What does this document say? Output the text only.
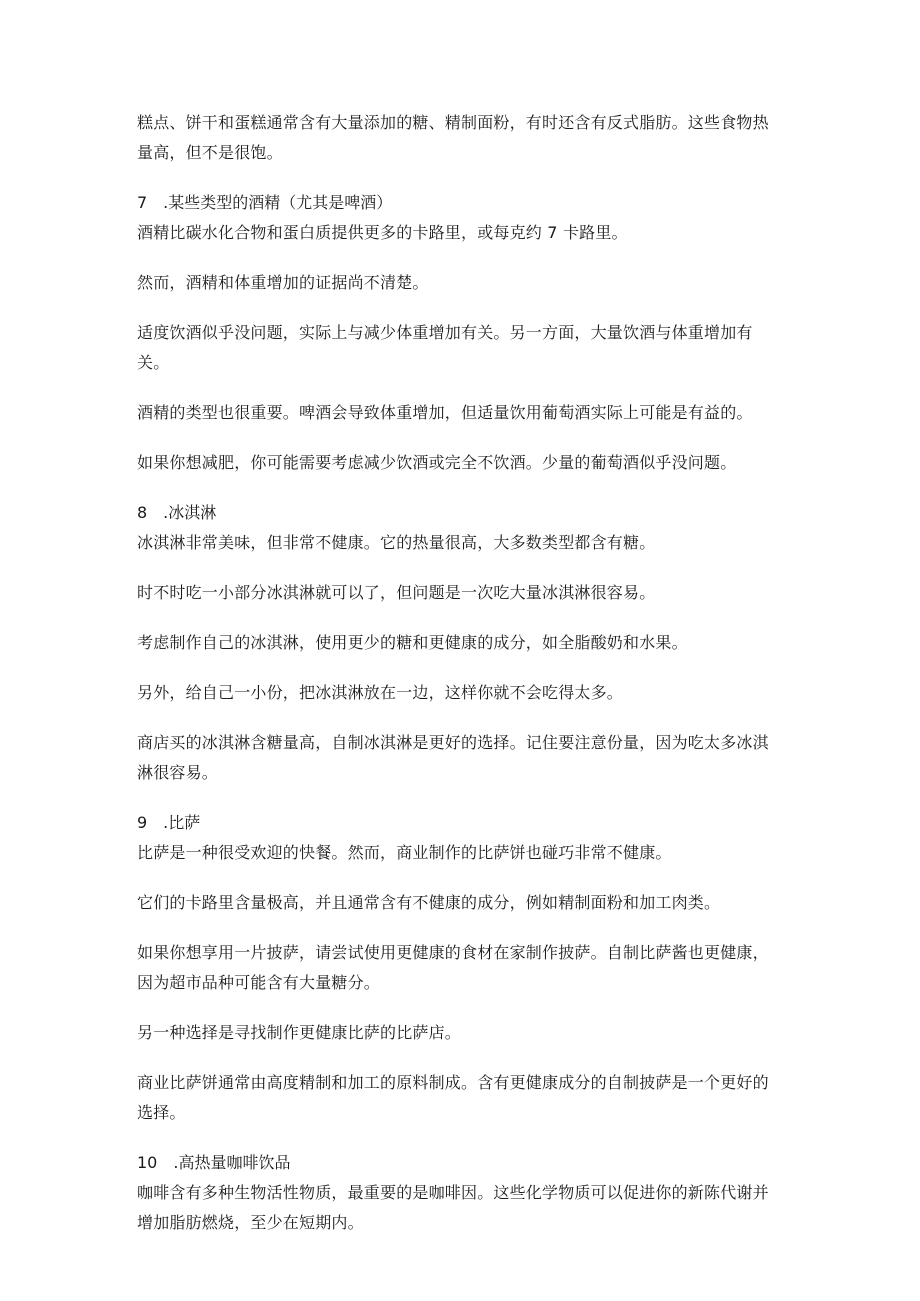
糕点、饼干和蛋糕通常含有大量添加的糖、精制面粉，有时还含有反式脂肪。这些食物热量高，但不是很饱。

7　.某些类型的酒精（尤其是啤酒）

酒精比碳水化合物和蛋白质提供更多的卡路里，或每克约 7 卡路里。

然而，酒精和体重增加的证据尚不清楚。

适度饮酒似乎没问题，实际上与减少体重增加有关。另一方面，大量饮酒与体重增加有关。

酒精的类型也很重要。啤酒会导致体重增加，但适量饮用葡萄酒实际上可能是有益的。

如果你想减肥，你可能需要考虑减少饮酒或完全不饮酒。少量的葡萄酒似乎没问题。

8　.冰淇淋

冰淇淋非常美味，但非常不健康。它的热量很高，大多数类型都含有糖。

时不时吃一小部分冰淇淋就可以了，但问题是一次吃大量冰淇淋很容易。

考虑制作自己的冰淇淋，使用更少的糖和更健康的成分，如全脂酸奶和水果。

另外，给自己一小份，把冰淇淋放在一边，这样你就不会吃得太多。

商店买的冰淇淋含糖量高，自制冰淇淋是更好的选择。记住要注意份量，因为吃太多冰淇淋很容易。

9　.比萨

比萨是一种很受欢迎的快餐。然而，商业制作的比萨饼也碰巧非常不健康。

它们的卡路里含量极高，并且通常含有不健康的成分，例如精制面粉和加工肉类。

如果你想享用一片披萨，请尝试使用更健康的食材在家制作披萨。自制比萨酱也更健康，因为超市品种可能含有大量糖分。

另一种选择是寻找制作更健康比萨的比萨店。

商业比萨饼通常由高度精制和加工的原料制成。含有更健康成分的自制披萨是一个更好的选择。

10　.高热量咖啡饮品

咖啡含有多种生物活性物质，最重要的是咖啡因。这些化学物质可以促进你的新陈代谢并增加脂肪燃烧，至少在短期内。
